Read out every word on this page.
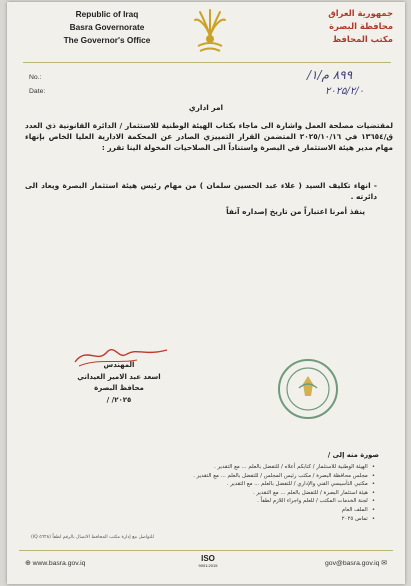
Republic of Iraq
Basra Governorate
The Governor's Office
جمهورية العراق
محافظة البصرة
مكتب المحافظ
No.:
Date:
۸۹۹ م/۱/
۲۰۲۵/۲/۰
امر اداري
لمقتضيات مصلحة العمل واشارة الى ماجاء بكتاب الهيئة الوطنية للاستثمار / الدائرة القانونية ذي العدد ق/١٣٦٥٤ في ٢٠٢٥/١٠/١٦ المتضمن القرار التمييزي الصادر عن المحكمة الادارية العليا الخاص بإنهاء مهام مدير هيئة الاستثمار في البصرة واستناداً الى الصلاحيات المخولة الينا تقرر :
- انهاء تكليف السيد ( علاء عبد الحسين سلمان ) من مهام رئيس هيئة استثمار البصرة ويعاد الى دائرته .
ينفذ أمرنا اعتباراً من تاريخ إصداره آنفاً
المهندس
اسعد عبد الامير العيداني
محافظ البصرة
٢٠٢٥/ /
صورة منه إلى /
•
الهيئة الوطنية للاستثمار / كتابكم أعلاه / للتفضل بالعلم ... مع التقدير .
•
مجلس محافظة البصرة / مكتب رئيس المجلس / للتفضل بالعلم ... مع التقدير .
•
مكتبي التأسيسي الفني والإداري / للتفضل بالعلم ... مع التقدير .
•
هيئة استثمار البصرة / للتفضل بالعلم ... مع التقدير .
•
لجنة الخدمات المكتب / للعلم واجراء اللازم لطفاً .
•
الملف العام
•
تماس ٢٠٢٥
للتواصل مع إدارة مكتب المحافظ الاتصال بالرقم لطفاً (٥٦٢٨ IQ)
⊕ www.basra.gov.iq
ISO
9001:2015	gov@basra.gov.iq ✉
